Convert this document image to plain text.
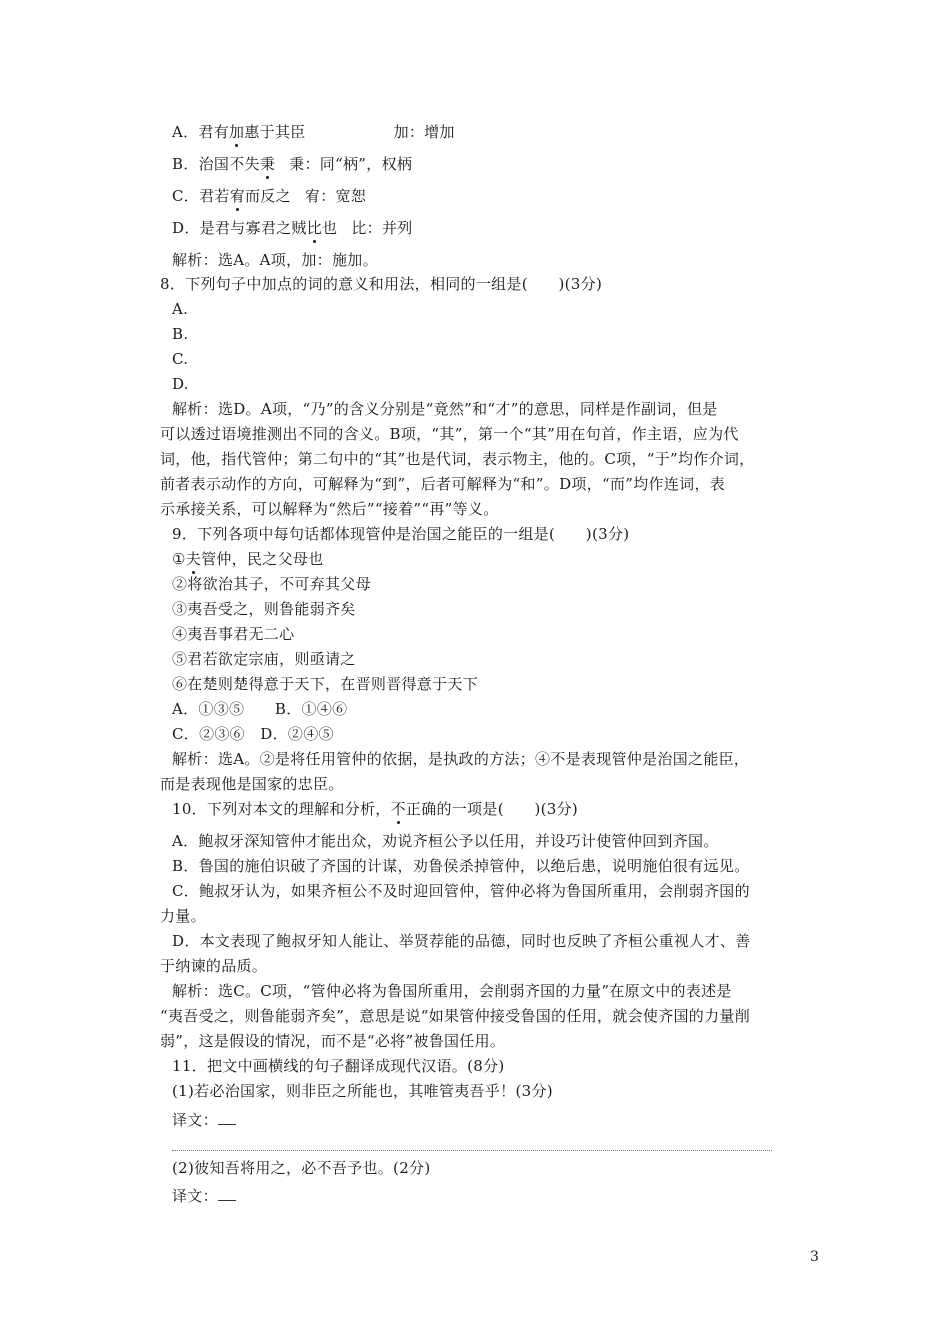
A．君有加惠于其臣	加：增加
B．治国不失秉 秉：同“柄”，权柄
C．君若宥而反之 宥：宽恕
D．是君与寡君之贼比也 比：并列
解析：选A。A项，加：施加。
8．下列句子中加点的词的意义和用法，相同的一组是(　　)(3分)
A.
B.
C.
D.
解析：选D。A项，“乃”的含义分别是“竟然”和“才”的意思，同样是作副词，但是
可以透过语境推测出不同的含义。B项，“其”，第一个“其”用在句首，作主语，应为代
词，他，指代管仲；第二句中的“其”也是代词，表示物主，他的。C项，“于”均作介词，
前者表示动作的方向，可解释为“到”，后者可解释为“和”。D项，“而”均作连词，表
示承接关系，可以解释为“然后”“接着”“再”等义。
9．下列各项中每句话都体现管仲是治国之能臣的一组是(　　)(3分)
①夫管仲，民之父母也
②将欲治其子，不可弃其父母
③夷吾受之，则鲁能弱齐矣
④夷吾事君无二心
⑤君若欲定宗庙，则亟请之
⑥在楚则楚得意于天下，在晋则晋得意于天下
A．①③⑤　　B．①④⑥
C．②③⑥　D．②④⑤
解析：选A。②是将任用管仲的依据，是执政的方法；④不是表现管仲是治国之能臣，
而是表现他是国家的忠臣。
10．下列对本文的理解和分析，不正确的一项是(　　)(3分)
A．鲍叔牙深知管仲才能出众，劝说齐桓公予以任用，并设巧计使管仲回到齐国。
B．鲁国的施伯识破了齐国的计谋，劝鲁侯杀掉管仲，以绝后患，说明施伯很有远见。
C．鲍叔牙认为，如果齐桓公不及时迎回管仲，管仲必将为鲁国所重用，会削弱齐国的
力量。
D．本文表现了鲍叔牙知人能让、举贤荐能的品德，同时也反映了齐桓公重视人才、善
于纳谏的品质。
解析：选C。C项，“管仲必将为鲁国所重用，会削弱齐国的力量”在原文中的表述是
“夷吾受之，则鲁能弱齐矣”，意思是说“如果管仲接受鲁国的任用，就会使齐国的力量削
弱”，这是假设的情况，而不是“必将”被鲁国任用。
11．把文中画横线的句子翻译成现代汉语。(8分)
(1)若必治国家，则非臣之所能也，其唯管夷吾乎！(3分)
译文：
(2)彼知吾将用之，必不吾予也。(2分)
译文：
3
